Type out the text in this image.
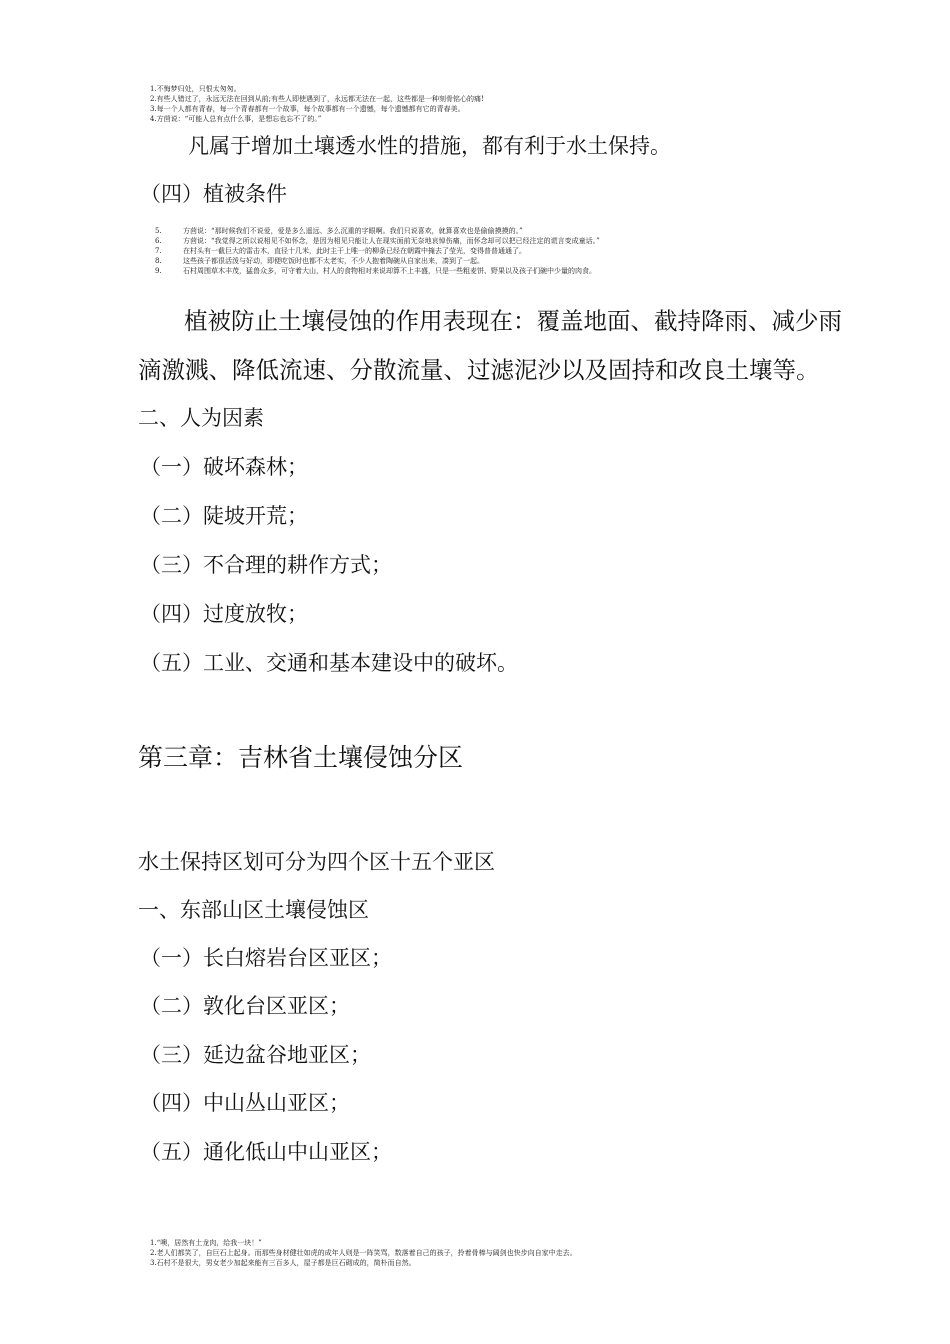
1.不悔梦归处，只恨太匆匆。
2.有些人错过了，永远无法在回到从前;有些人即使遇到了，永远都无法在一起，这些都是一种刻骨铭心的痛!
3.每一个人都有青春，每一个青春都有一个故事，每个故事都有一个遗憾，每个遗憾都有它的青春美。
4.方茴说：“可能人总有点什么事，是想忘也忘不了的。”
凡属于增加土壤透水性的措施，都有利于水土保持。
（四）植被条件
5.	方茴说：“那时候我们不说爱，爱是多么遥远、多么沉重的字眼啊。我们只说喜欢，就算喜欢也是偷偷摸摸的。”
6.	方茴说：“我觉得之所以说相见不如怀念，是因为相见只能让人在现实面前无奈地哀悼伤痛，而怀念却可以把已经注定的谎言变成童话。”
7.	在村头有一截巨大的雷击木，直径十几米，此时主干上唯一的柳条已经在朝霞中掩去了莹光，变得普普通通了。
8.	这些孩子都很活泼与好动，即便吃饭时也都不太老实，不少人抱着陶碗从自家出来，凑到了一起。
9.	石村周围草木丰茂，猛兽众多，可守着大山，村人的食物相对来说却算不上丰盛，只是一些粗麦饼、野果以及孩子们碗中少量的肉食。
植被防止土壤侵蚀的作用表现在：覆盖地面、截持降雨、减少雨
滴激溅、降低流速、分散流量、过滤泥沙以及固持和改良土壤等。
二、人为因素
（一）破坏森林；
（二）陡坡开荒；
（三）不合理的耕作方式；
（四）过度放牧；
（五）工业、交通和基本建设中的破坏。
第三章：吉林省土壤侵蚀分区
水土保持区划可分为四个区十五个亚区
一、东部山区土壤侵蚀区
（一）长白熔岩台区亚区；
（二）敦化台区亚区；
（三）延边盆谷地亚区；
（四）中山丛山亚区；
（五）通化低山中山亚区；
1.“噢，居然有土龙肉，给我一块！”
2.老人们都笑了，自巨石上起身。而那些身材健壮如虎的成年人则是一阵笑骂，数落着自己的孩子，拎着骨棒与阔剑也快步向自家中走去。
3.石村不是很大，男女老少加起来能有三百多人，屋子都是巨石砌成的，简朴而自然。
